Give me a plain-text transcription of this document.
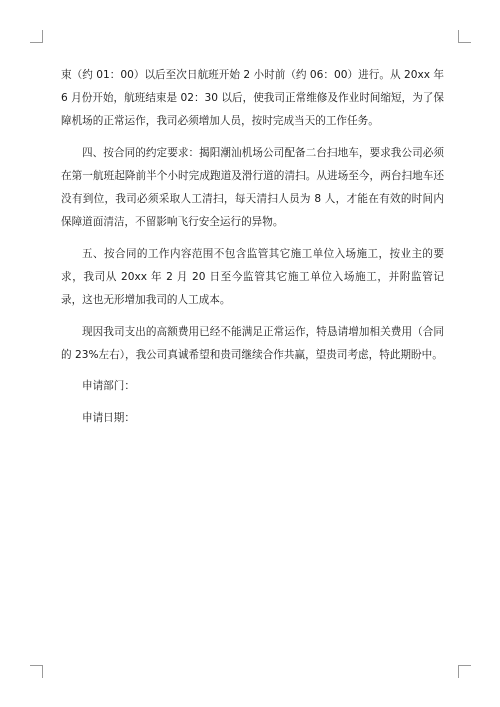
束（约 01：00）以后至次日航班开始 2 小时前（约 06：00）进行。从 20xx 年 6 月份开始，航班结束是 02：30 以后，使我司正常维修及作业时间缩短，为了保障机场的正常运作，我司必须增加人员，按时完成当天的工作任务。

四、按合同的约定要求：揭阳潮汕机场公司配备二台扫地车，要求我公司必须在第一航班起降前半个小时完成跑道及滑行道的清扫。从进场至今，两台扫地车还没有到位，我司必须采取人工清扫，每天清扫人员为 8 人，才能在有效的时间内保障道面清洁，不留影响飞行安全运行的异物。

五、按合同的工作内容范围不包含监管其它施工单位入场施工，按业主的要求，我司从 20xx 年 2 月 20 日至今监管其它施工单位入场施工，并附监管记录，这也无形增加我司的人工成本。

现因我司支出的高额费用已经不能满足正常运作，特恳请增加相关费用（合同的 23%左右），我公司真诚希望和贵司继续合作共赢，望贵司考虑，特此期盼中。

申请部门：

申请日期：
